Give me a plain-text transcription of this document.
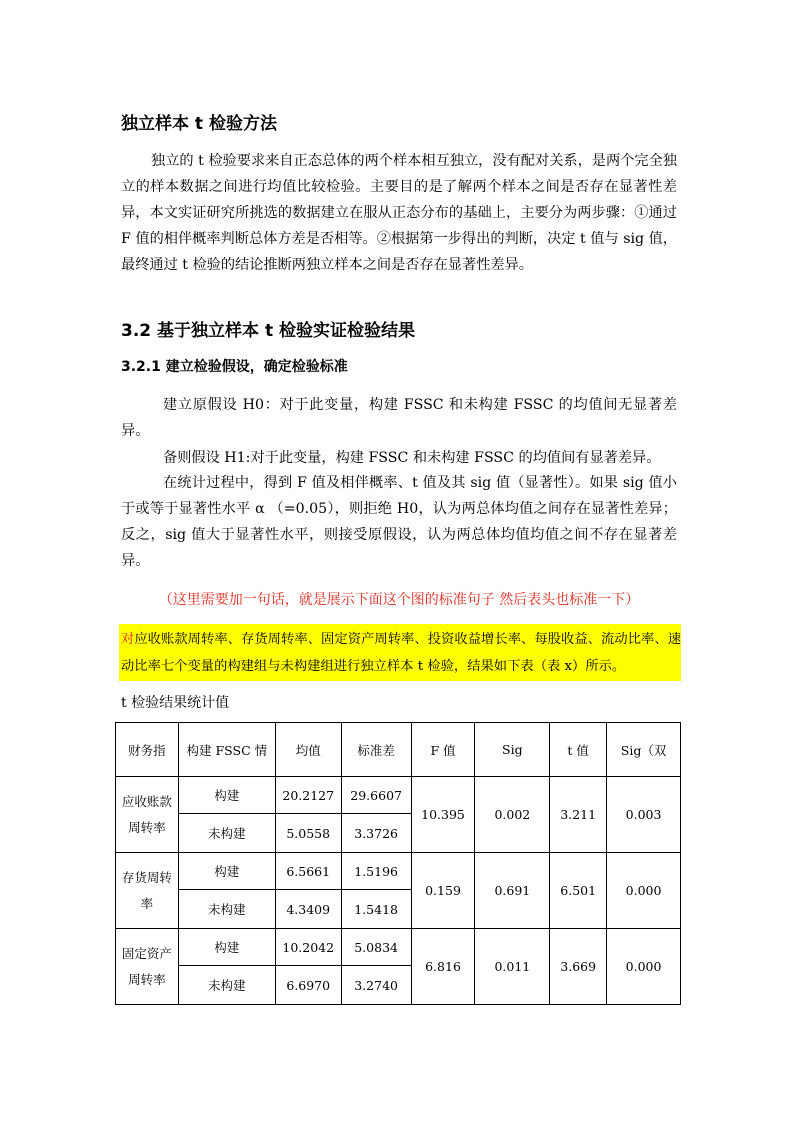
独立样本 t 检验方法
独立的 t 检验要求来自正态总体的两个样本相互独立，没有配对关系，是两个完全独立的样本数据之间进行均值比较检验。主要目的是了解两个样本之间是否存在显著性差异，本文实证研究所挑选的数据建立在服从正态分布的基础上，主要分为两步骤：①通过 F 值的相伴概率判断总体方差是否相等。②根据第一步得出的判断，决定 t 值与 sig 值，最终通过 t 检验的结论推断两独立样本之间是否存在显著性差异。
3.2 基于独立样本 t 检验实证检验结果
3.2.1 建立检验假设，确定检验标准
建立原假设 H0：对于此变量，构建 FSSC 和未构建 FSSC 的均值间无显著差异。
备则假设 H1:对于此变量，构建 FSSC 和未构建 FSSC 的均值间有显著差异。
在统计过程中，得到 F 值及相伴概率、t 值及其 sig 值（显著性）。如果 sig 值小于或等于显著性水平 α （=0.05），则拒绝 H0，认为两总体均值之间存在显著性差异；反之，sig 值大于显著性水平，则接受原假设，认为两总体均值均值之间不存在显著差异。
（这里需要加一句话，就是展示下面这个图的标准句子 然后表头也标准一下）
对应收账款周转率、存货周转率、固定资产周转率、投资收益增长率、每股收益、流动比率、速动比率七个变量的构建组与未构建组进行独立样本 t 检验，结果如下表（表 x）所示。
t 检验结果统计值
财务指	构建 FSSC 情	均值	标准差	F 值	Sig	t 值	Sig（双
应收账款周转率	构建	20.2127	29.6607	10.395	0.002	3.211	0.003
	未构建	5.0558	3.3726				
存货周转率	构建	6.5661	1.5196	0.159	0.691	6.501	0.000
	未构建	4.3409	1.5418				
固定资产周转率	构建	10.2042	5.0834	6.816	0.011	3.669	0.000
	未构建	6.6970	3.2740				
